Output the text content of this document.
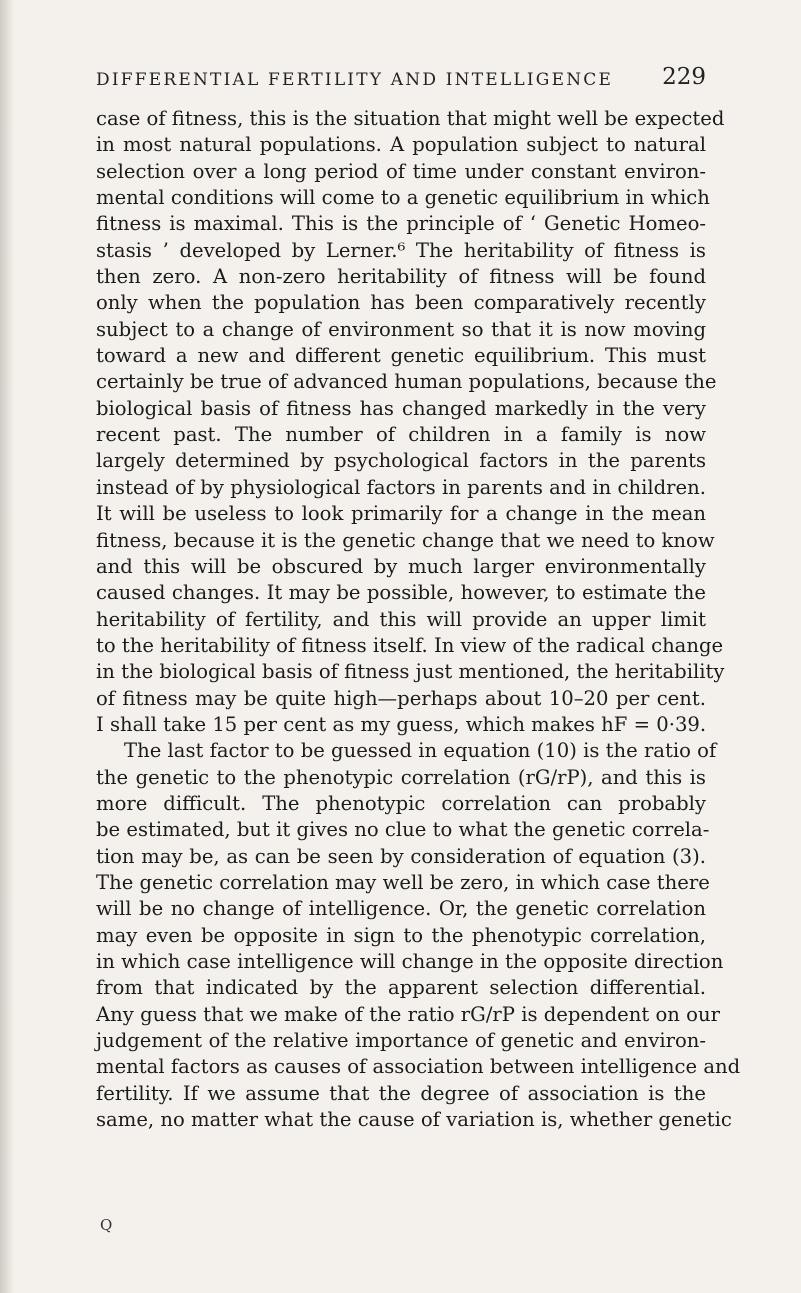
DIFFERENTIAL FERTILITY AND INTELLIGENCE 229
case of fitness, this is the situation that might well be expected
in most natural populations. A population subject to natural
selection over a long period of time under constant environ-
mental conditions will come to a genetic equilibrium in which
fitness is maximal. This is the principle of ‘ Genetic Homeo-
stasis ’ developed by Lerner.⁶ The heritability of fitness is
then zero. A non-zero heritability of fitness will be found
only when the population has been comparatively recently
subject to a change of environment so that it is now moving
toward a new and different genetic equilibrium. This must
certainly be true of advanced human populations, because the
biological basis of fitness has changed markedly in the very
recent past. The number of children in a family is now
largely determined by psychological factors in the parents
instead of by physiological factors in parents and in children.
It will be useless to look primarily for a change in the mean
fitness, because it is the genetic change that we need to know
and this will be obscured by much larger environmentally
caused changes. It may be possible, however, to estimate the
heritability of fertility, and this will provide an upper limit
to the heritability of fitness itself. In view of the radical change
in the biological basis of fitness just mentioned, the heritability
of fitness may be quite high—perhaps about 10–20 per cent.
I shall take 15 per cent as my guess, which makes hF = 0·39.
The last factor to be guessed in equation (10) is the ratio of
the genetic to the phenotypic correlation (rG/rP), and this is
more difficult. The phenotypic correlation can probably
be estimated, but it gives no clue to what the genetic correla-
tion may be, as can be seen by consideration of equation (3).
The genetic correlation may well be zero, in which case there
will be no change of intelligence. Or, the genetic correlation
may even be opposite in sign to the phenotypic correlation,
in which case intelligence will change in the opposite direction
from that indicated by the apparent selection differential.
Any guess that we make of the ratio rG/rP is dependent on our
judgement of the relative importance of genetic and environ-
mental factors as causes of association between intelligence and
fertility. If we assume that the degree of association is the
same, no matter what the cause of variation is, whether genetic
Q
